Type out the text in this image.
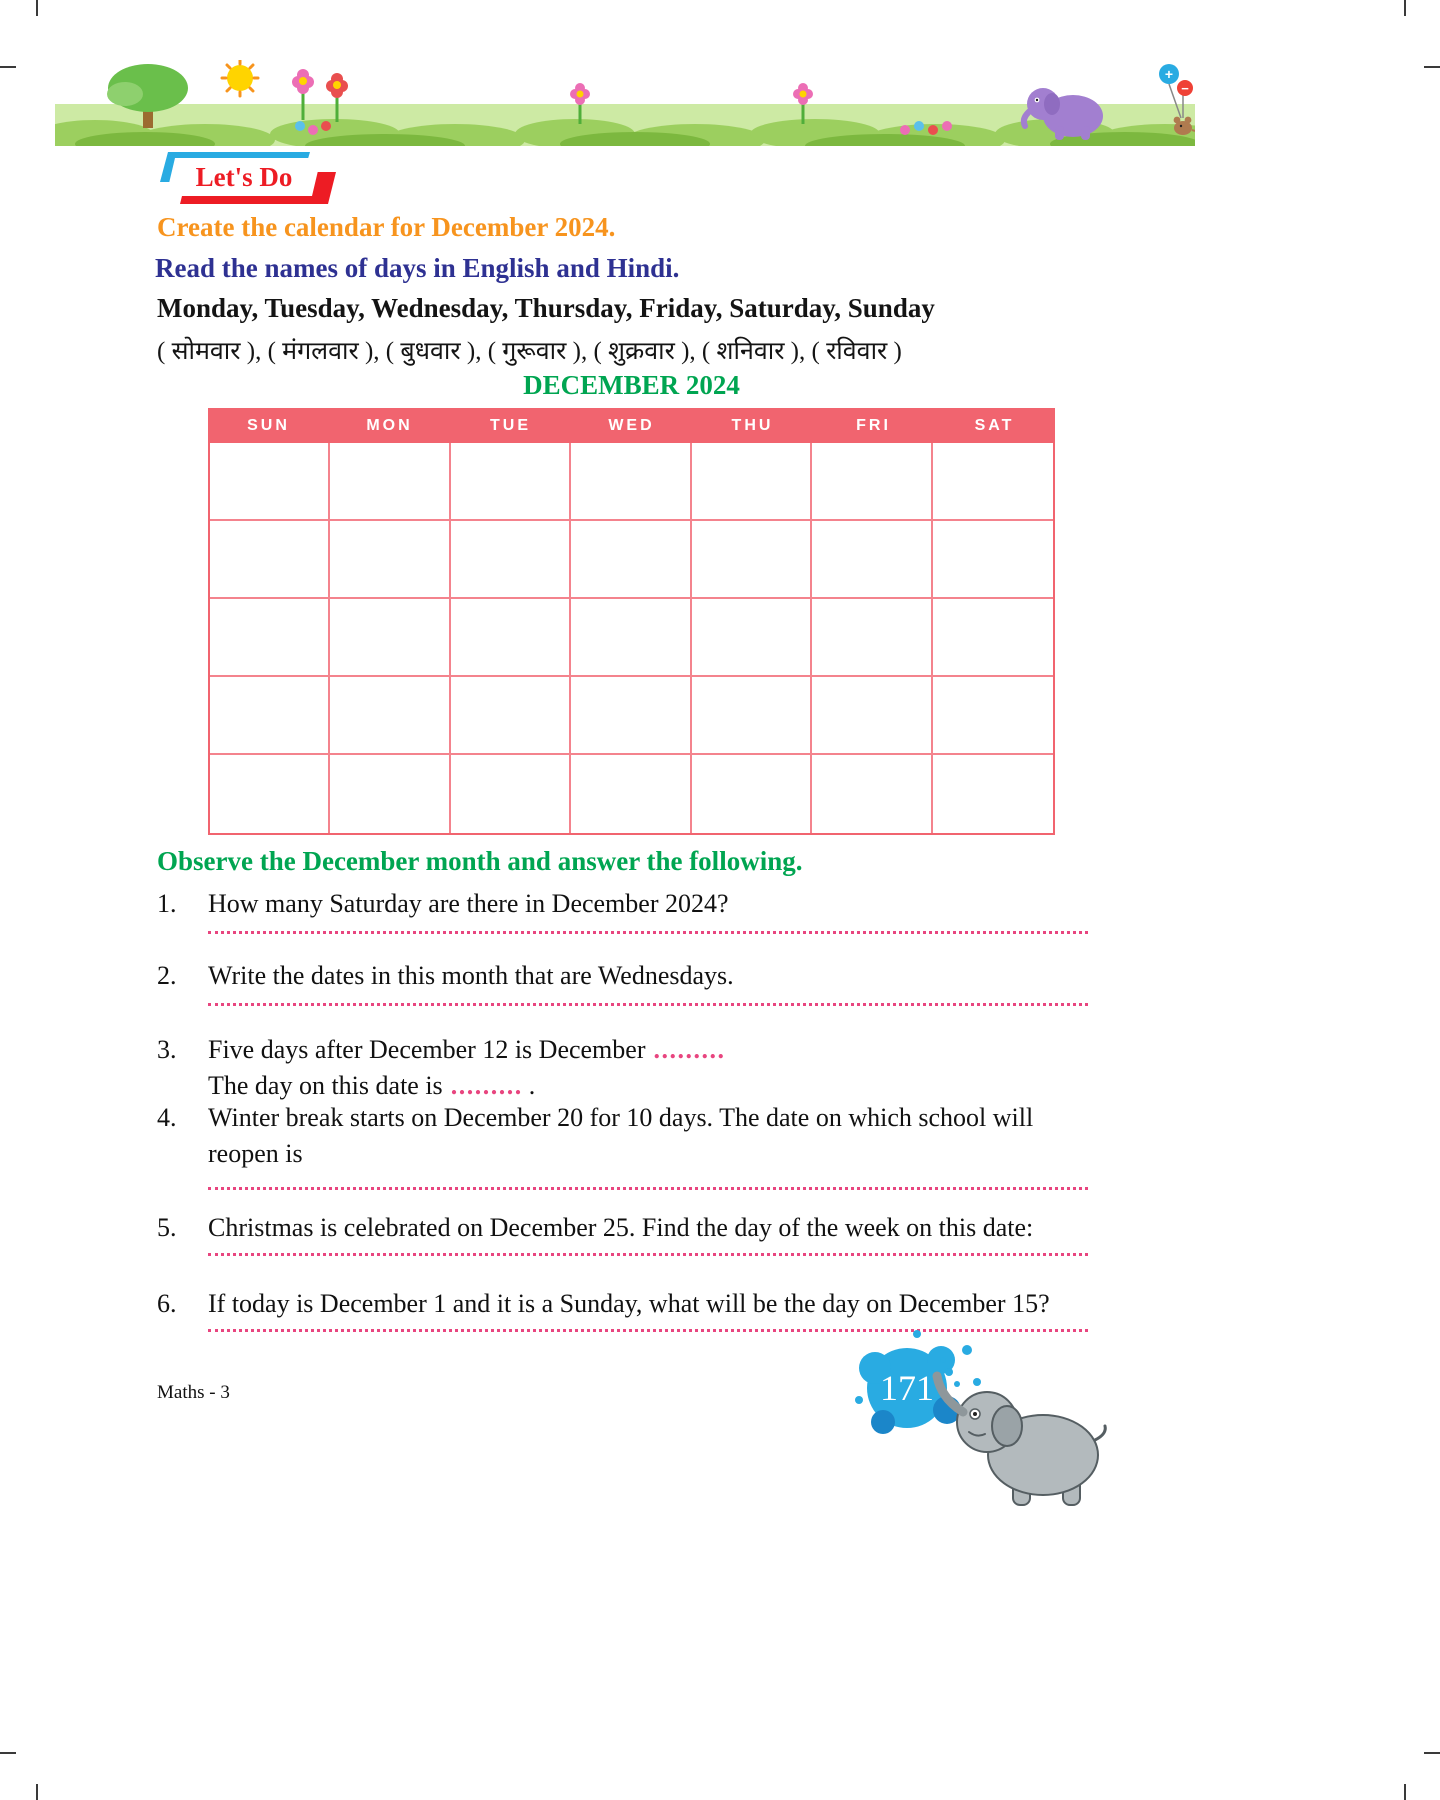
+
−
Let's Do
Create the calendar for December 2024.
Read the names of days in English and Hindi.
Monday, Tuesday, Wednesday, Thursday, Friday, Saturday, Sunday
( सोमवार ), ( मंगलवार ), ( बुधवार ), ( गुरूवार ), ( शुक्रवार ), ( शनिवार ), ( रविवार )
DECEMBER 2024
SUN	MON	TUE	WED	THU	FRI	SAT
Observe the December month and answer the following.
1. How many Saturday are there in December 2024?
2. Write the dates in this month that are Wednesdays.
3. Five days after December 12 is December .........
The day on this date is ......... .
4. Winter break starts on December 20 for 10 days. The date on which school will reopen is
5. Christmas is celebrated on December 25. Find the day of the week on this date:
6. If today is December 1 and it is a Sunday, what will be the day on December 15?
Maths - 3	171
